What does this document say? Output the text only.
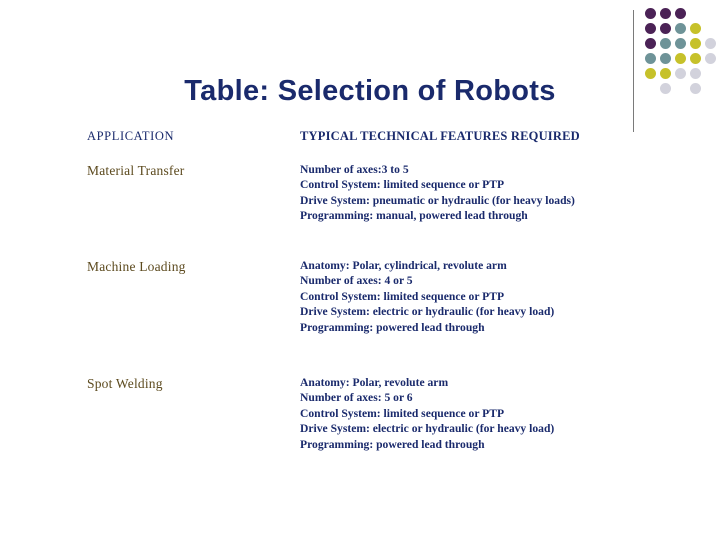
Table: Selection of Robots
APPLICATION	TYPICAL TECHNICAL FEATURES REQUIRED
Material Transfer	Number of axes:3 to 5
Control System: limited sequence or PTP
Drive System: pneumatic or hydraulic (for heavy loads)
Programming: manual, powered lead through
Machine Loading	Anatomy: Polar, cylindrical, revolute arm
Number of axes: 4 or 5
Control System: limited sequence or PTP
Drive System: electric or hydraulic (for heavy load)
Programming: powered lead through
Spot Welding	Anatomy: Polar, revolute arm
Number of axes: 5 or 6
Control System: limited sequence or PTP
Drive System: electric or hydraulic (for heavy load)
Programming: powered lead through
